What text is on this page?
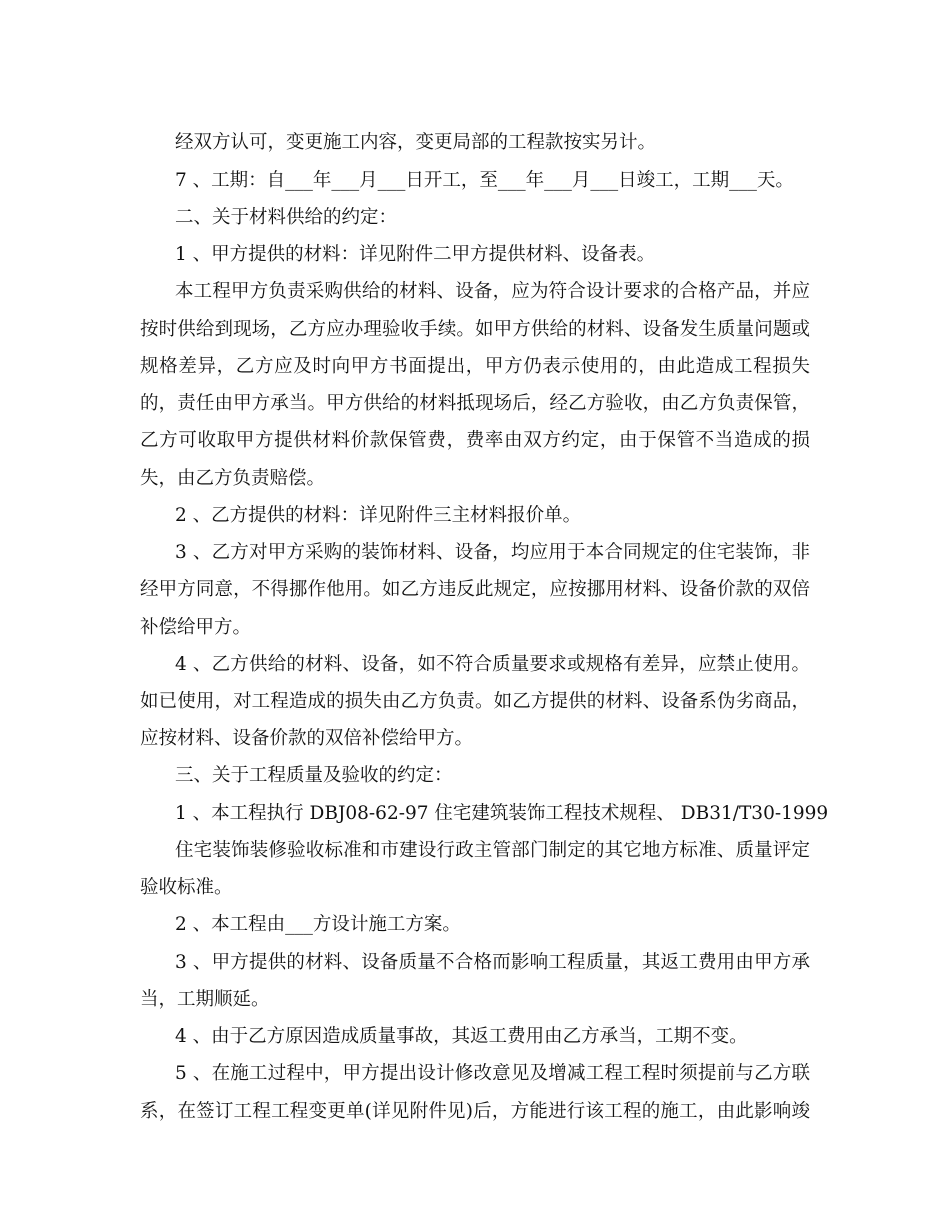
经双方认可，变更施工内容，变更局部的工程款按实另计。
7 、工期：自___年___月___日开工，至___年___月___日竣工，工期___天。
二、关于材料供给的约定：
1 、甲方提供的材料：详见附件二甲方提供材料、设备表。
本工程甲方负责采购供给的材料、设备，应为符合设计要求的合格产品，并应
按时供给到现场，乙方应办理验收手续。如甲方供给的材料、设备发生质量问题或
规格差异，乙方应及时向甲方书面提出，甲方仍表示使用的，由此造成工程损失
的，责任由甲方承当。甲方供给的材料抵现场后，经乙方验收，由乙方负责保管，
乙方可收取甲方提供材料价款保管费，费率由双方约定，由于保管不当造成的损
失，由乙方负责赔偿。
2 、乙方提供的材料：详见附件三主材料报价单。
3 、乙方对甲方采购的装饰材料、设备，均应用于本合同规定的住宅装饰，非
经甲方同意，不得挪作他用。如乙方违反此规定，应按挪用材料、设备价款的双倍
补偿给甲方。
4 、乙方供给的材料、设备，如不符合质量要求或规格有差异，应禁止使用。
如已使用，对工程造成的损失由乙方负责。如乙方提供的材料、设备系伪劣商品，
应按材料、设备价款的双倍补偿给甲方。
三、关于工程质量及验收的约定：
1 、本工程执行 DBJ08-62-97 住宅建筑装饰工程技术规程、 DB31/T30-1999
住宅装饰装修验收标准和市建设行政主管部门制定的其它地方标准、质量评定
验收标准。
2 、本工程由___方设计施工方案。
3 、甲方提供的材料、设备质量不合格而影响工程质量，其返工费用由甲方承
当，工期顺延。
4 、由于乙方原因造成质量事故，其返工费用由乙方承当，工期不变。
5 、在施工过程中，甲方提出设计修改意见及增减工程工程时须提前与乙方联
系，在签订工程工程变更单(详见附件见)后，方能进行该工程的施工，由此影响竣
